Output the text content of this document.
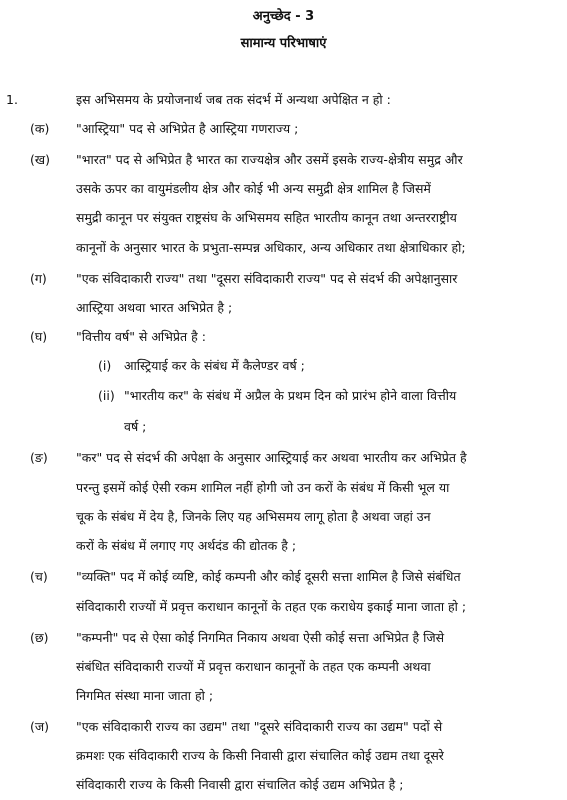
अनुच्छेद - 3
सामान्य परिभाषाएं
1.	इस अभिसमय के प्रयोजनार्थ जब तक संदर्भ में अन्यथा अपेक्षित न हो :
(क) "आस्ट्रिया" पद से अभिप्रेत है आस्ट्रिया गणराज्य ;
(ख) "भारत" पद से अभिप्रेत है भारत का राज्यक्षेत्र और उसमें इसके राज्य-क्षेत्रीय समुद्र और
उसके ऊपर का वायुमंडलीय क्षेत्र और कोई भी अन्य समुद्री क्षेत्र शामिल है जिसमें
समुद्री कानून पर संयुक्त राष्ट्रसंघ के अभिसमय सहित भारतीय कानून तथा अन्तरराष्ट्रीय
कानूनों के अनुसार भारत के प्रभुता-सम्पन्न अधिकार, अन्य अधिकार तथा क्षेत्राधिकार हो;
(ग) "एक संविदाकारी राज्य" तथा "दूसरा संविदाकारी राज्य" पद से संदर्भ की अपेक्षानुसार
आस्ट्रिया अथवा भारत अभिप्रेत है ;
(घ) "वित्तीय वर्ष" से अभिप्रेत है :
(i) आस्ट्रियाई कर के संबंध में कैलेण्डर वर्ष ;
(ii) "भारतीय कर" के संबंध में अप्रैल के प्रथम दिन को प्रारंभ होने वाला वित्तीय
वर्ष ;
(ङ) "कर" पद से संदर्भ की अपेक्षा के अनुसार आस्ट्रियाई कर अथवा भारतीय कर अभिप्रेत है
परन्तु इसमें कोई ऐसी रकम शामिल नहीं होगी जो उन करों के संबंध में किसी भूल या
चूक के संबंध में देय है, जिनके लिए यह अभिसमय लागू होता है अथवा जहां उन
करों के संबंध में लगाए गए अर्थदंड की द्योतक है ;
(च) "व्यक्ति" पद में कोई व्यष्टि, कोई कम्पनी और कोई दूसरी सत्ता शामिल है जिसे संबंधित
संविदाकारी राज्यों में प्रवृत्त कराधान कानूनों के तहत एक कराधेय इकाई माना जाता हो ;
(छ) "कम्पनी" पद से ऐसा कोई निगमित निकाय अथवा ऐसी कोई सत्ता अभिप्रेत है जिसे
संबंधित संविदाकारी राज्यों में प्रवृत्त कराधान कानूनों के तहत एक कम्पनी अथवा
निगमित संस्था माना जाता हो ;
(ज) "एक संविदाकारी राज्य का उद्यम" तथा "दूसरे संविदाकारी राज्य का उद्यम" पदों से
क्रमशः एक संविदाकारी राज्य के किसी निवासी द्वारा संचालित कोई उद्यम तथा दूसरे
संविदाकारी राज्य के किसी निवासी द्वारा संचालित कोई उद्यम अभिप्रेत है ;
